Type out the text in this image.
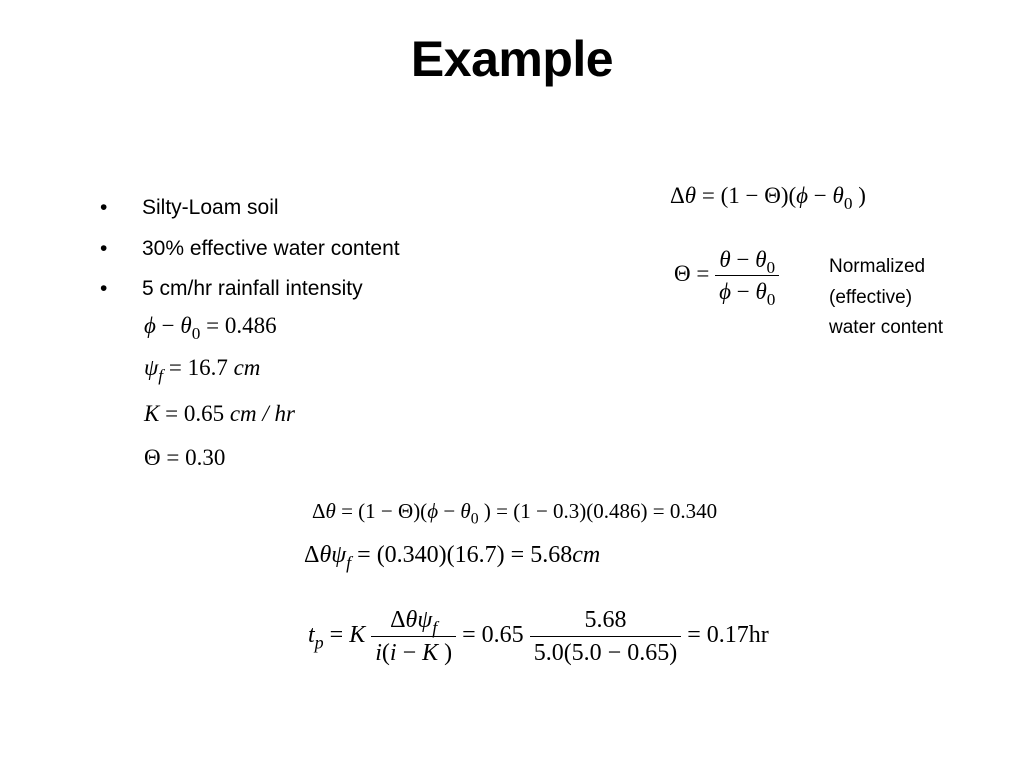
Example
• Silty-Loam soil
• 30% effective water content
• 5 cm/hr rainfall intensity
$\phi - \theta_0 = 0.486$
$\psi_f = 16.7$ cm
K = 0.65 cm / hr
Θ = 0.30
$\Delta\theta = (1 - \Theta)(\phi - \theta_0$ )
$\Theta = \frac{\theta - \theta_0}{\phi - \theta_0}$	Normalized
(effective)
water content
$\Delta\theta = (1 - \Theta)(\phi - \theta_0$ ) = (1 − 0.3)(0.486) = 0.340
Δθψ$_f$ = (0.340)(16.7) = 5.68cm
$t_p = K \frac{\Delta\theta\psi_f}{i(i - K )} = 0.65 \frac{5.68}{5.0(5.0 - 0.65)} = 0.17hr$
